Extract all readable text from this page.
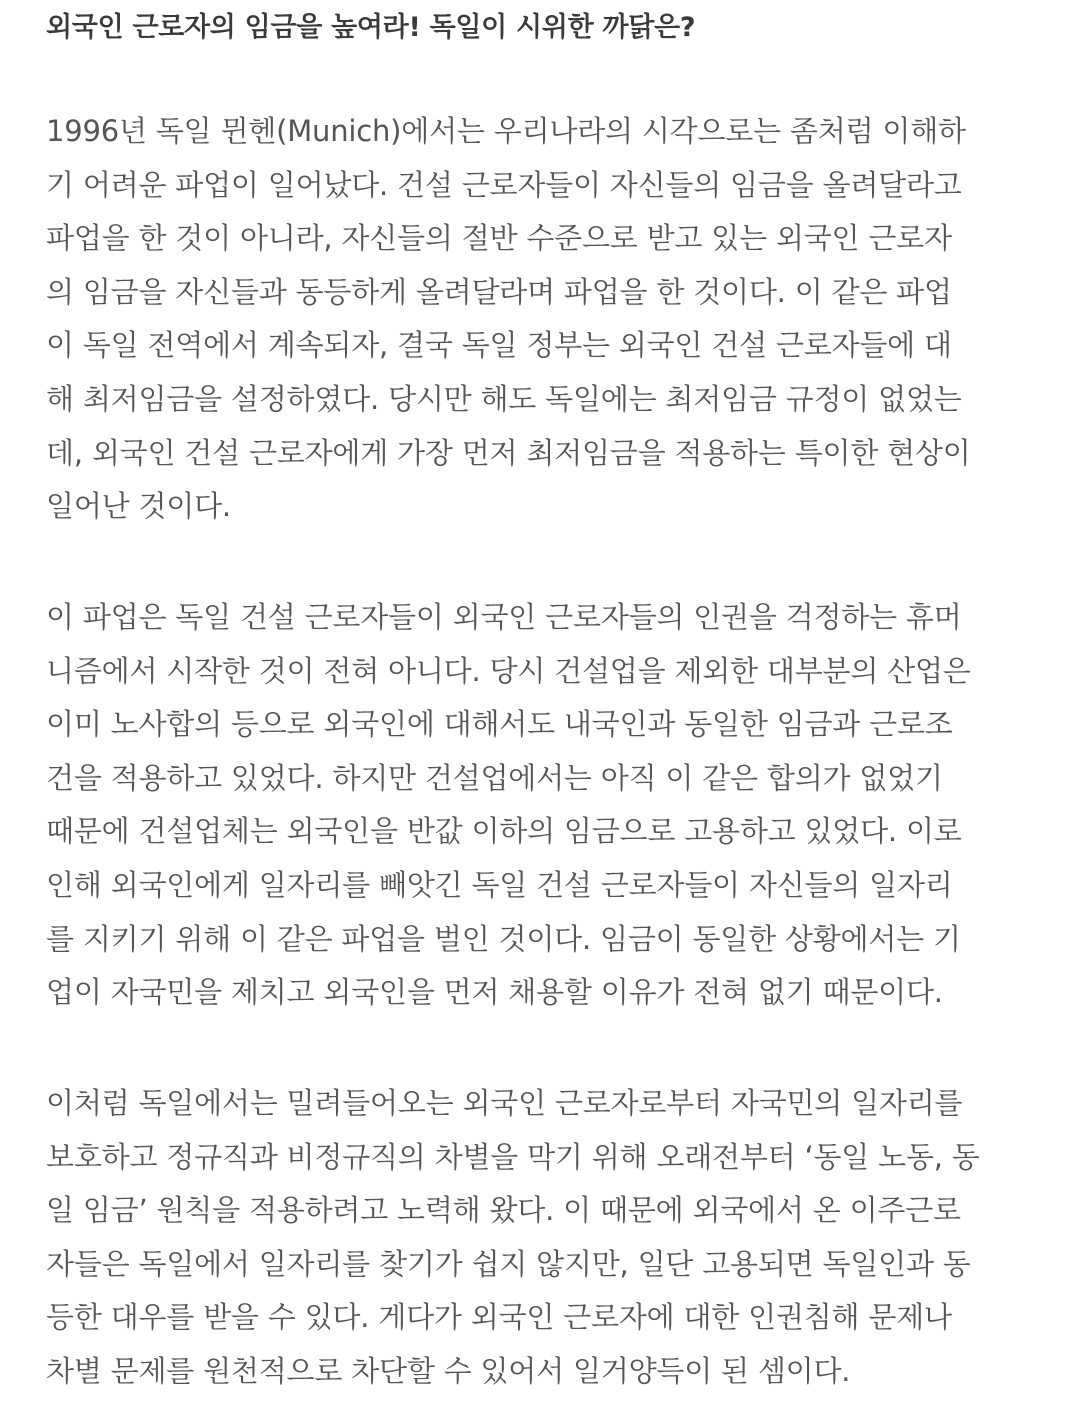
외국인 근로자의 임금을 높여라! 독일이 시위한 까닭은?

1996년 독일 뮌헨(Munich)에서는 우리나라의 시각으로는 좀처럼 이해하
기 어려운 파업이 일어났다. 건설 근로자들이 자신들의 임금을 올려달라고
파업을 한 것이 아니라, 자신들의 절반 수준으로 받고 있는 외국인 근로자
의 임금을 자신들과 동등하게 올려달라며 파업을 한 것이다. 이 같은 파업
이 독일 전역에서 계속되자, 결국 독일 정부는 외국인 건설 근로자들에 대
해 최저임금을 설정하였다. 당시만 해도 독일에는 최저임금 규정이 없었는
데, 외국인 건설 근로자에게 가장 먼저 최저임금을 적용하는 특이한 현상이
일어난 것이다.

이 파업은 독일 건설 근로자들이 외국인 근로자들의 인권을 걱정하는 휴머
니즘에서 시작한 것이 전혀 아니다. 당시 건설업을 제외한 대부분의 산업은
이미 노사합의 등으로 외국인에 대해서도 내국인과 동일한 임금과 근로조
건을 적용하고 있었다. 하지만 건설업에서는 아직 이 같은 합의가 없었기
때문에 건설업체는 외국인을 반값 이하의 임금으로 고용하고 있었다. 이로
인해 외국인에게 일자리를 빼앗긴 독일 건설 근로자들이 자신들의 일자리
를 지키기 위해 이 같은 파업을 벌인 것이다. 임금이 동일한 상황에서는 기
업이 자국민을 제치고 외국인을 먼저 채용할 이유가 전혀 없기 때문이다.

이처럼 독일에서는 밀려들어오는 외국인 근로자로부터 자국민의 일자리를
보호하고 정규직과 비정규직의 차별을 막기 위해 오래전부터 ‘동일 노동, 동
일 임금’ 원칙을 적용하려고 노력해 왔다. 이 때문에 외국에서 온 이주근로
자들은 독일에서 일자리를 찾기가 쉽지 않지만, 일단 고용되면 독일인과 동
등한 대우를 받을 수 있다. 게다가 외국인 근로자에 대한 인권침해 문제나
차별 문제를 원천적으로 차단할 수 있어서 일거양득이 된 셈이다.
